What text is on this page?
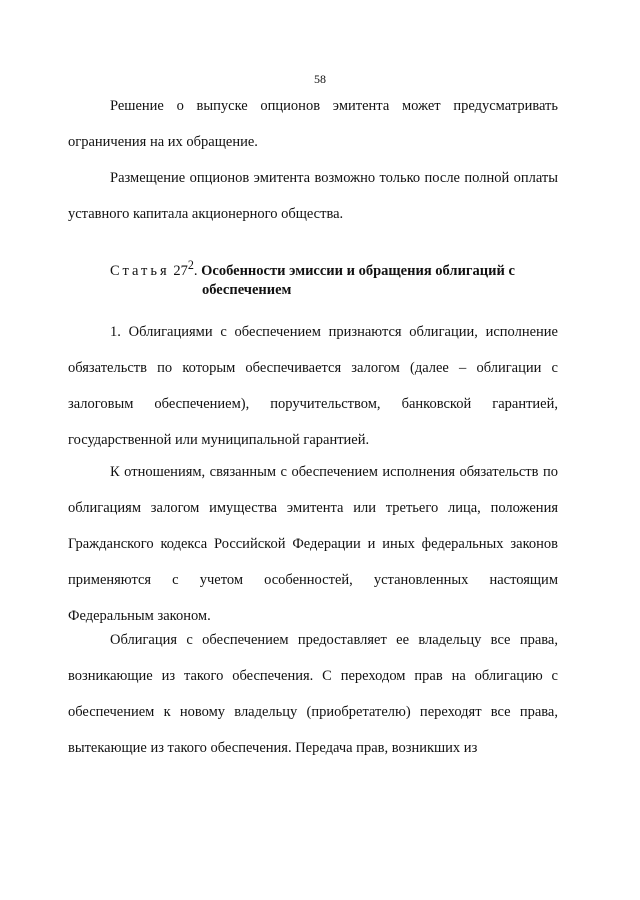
58

Решение о выпуске опционов эмитента может предусматривать ограничения на их обращение.

Размещение опционов эмитента возможно только после полной оплаты уставного капитала акционерного общества.

Статья $27^2$. Особенности эмиссии и обращения облигаций с
обеспечением

1. Облигациями с обеспечением признаются облигации, исполнение обязательств по которым обеспечивается залогом (далее – облигации с залоговым обеспечением), поручительством, банковской гарантией, государственной или муниципальной гарантией.

К отношениям, связанным с обеспечением исполнения обязательств по облигациям залогом имущества эмитента или третьего лица, положения Гражданского кодекса Российской Федерации и иных федеральных законов применяются с учетом особенностей, установленных настоящим Федеральным законом.

Облигация с обеспечением предоставляет ее владельцу все права, возникающие из такого обеспечения. С переходом прав на облигацию с обеспечением к новому владельцу (приобретателю) переходят все права, вытекающие из такого обеспечения. Передача прав, возникших из
